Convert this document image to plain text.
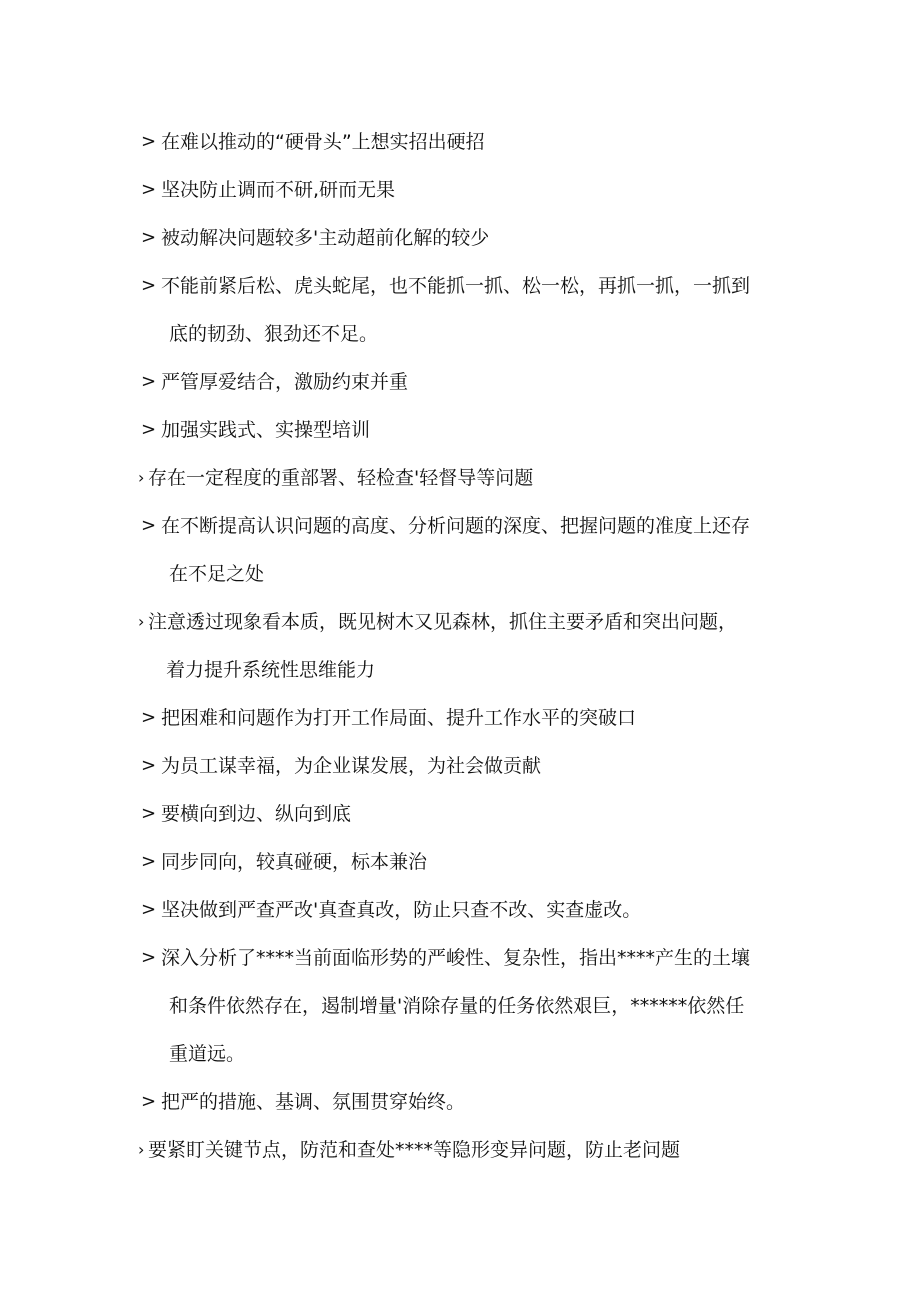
> 在难以推动的“硬骨头”上想实招出硬招
> 坚决防止调而不研,研而无果
> 被动解决问题较多'主动超前化解的较少
> 不能前紧后松、虎头蛇尾，也不能抓一抓、松一松，再抓一抓，一抓到
底的韧劲、狠劲还不足。
> 严管厚爱结合，激励约束并重
> 加强实践式、实操型培训
› 存在一定程度的重部署、轻检查'轻督导等问题
> 在不断提高认识问题的高度、分析问题的深度、把握问题的准度上还存
在不足之处
› 注意透过现象看本质，既见树木又见森林，抓住主要矛盾和突出问题，
着力提升系统性思维能力
> 把困难和问题作为打开工作局面、提升工作水平的突破口
> 为员工谋幸福，为企业谋发展，为社会做贡献
> 要横向到边、纵向到底
> 同步同向，较真碰硬，标本兼治
> 坚决做到严查严改'真查真改，防止只查不改、实查虚改。
> 深入分析了****当前面临形势的严峻性、复杂性，指出****产生的土壤
和条件依然存在，遏制增量'消除存量的任务依然艰巨，******依然任
重道远。
> 把严的措施、基调、氛围贯穿始终。
› 要紧盯关键节点，防范和查处****等隐形变异问题，防止老问题
